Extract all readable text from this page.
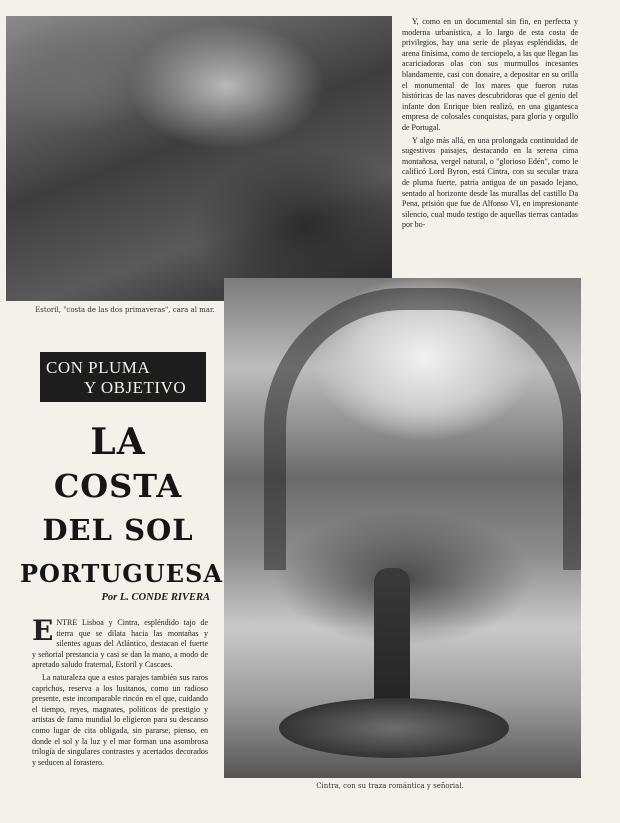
Estoril, "costa de las dos primaveras", cara al mar.
Cintra, con su traza romántica y señorial.
CON PLUMA
Y OBJETIVO
LA
COSTA
DEL SOL
PORTUGUESA
Por L. CONDE RIVERA

ENTRE Lisboa y Cintra, espléndido tajo de tierra que se dilata hacia las montañas y silentes aguas del Atlántico, destacan el fuerte y señorial prestancia y casi se dan la mano, a modo de apretado saludo fraternal, Estoril y Cascaes.

La naturaleza que a estos parajes también sus raros caprichos, reserva a los lusitanos, como un radioso presente, este incomparable rincón en el que, cuidando el tiempo, reyes, magnates, políticos de prestigio y artistas de fama mundial lo eligieron para su descanso como lugar de cita obligada, sin pararse, pienso, en donde el sol y la luz y el mar forman una asombrosa trilogía de singulares contrastes y acertados decorados y seducen al forastero.

Y, como en un documental sin fin, en perfecta y moderna urbanística, a lo largo de esta costa de privilegios, hay una serie de playas espléndidas, de arena finísima, como de terciopelo, a las que llegan las acariciadoras olas con sus murmullos incesantes blandamente, casi con donaire, a depositar en su orilla el monumental de los mares que fueron rutas históricas de las naves descubridoras que el genio del infante don Enrique bien realizó, en una gigantesca empresa de colosales conquistas, para gloria y orgullo de Portugal.

Y algo más allá, en una prolongada continuidad de sugestivos paisajes, destacando en la serena cima montañosa, vergel natural, o "glorioso Edén", como le calificó Lord Byron, está Cintra, con su secular traza de pluma fuerte, patria antigua de un pasado lejano, sentado al horizonte desde las murallas del castillo Da Pena, prisión que fue de Alfonso VI, en impresionante silencio, cual mudo testigo de aquellas tierras cantadas por bo-
